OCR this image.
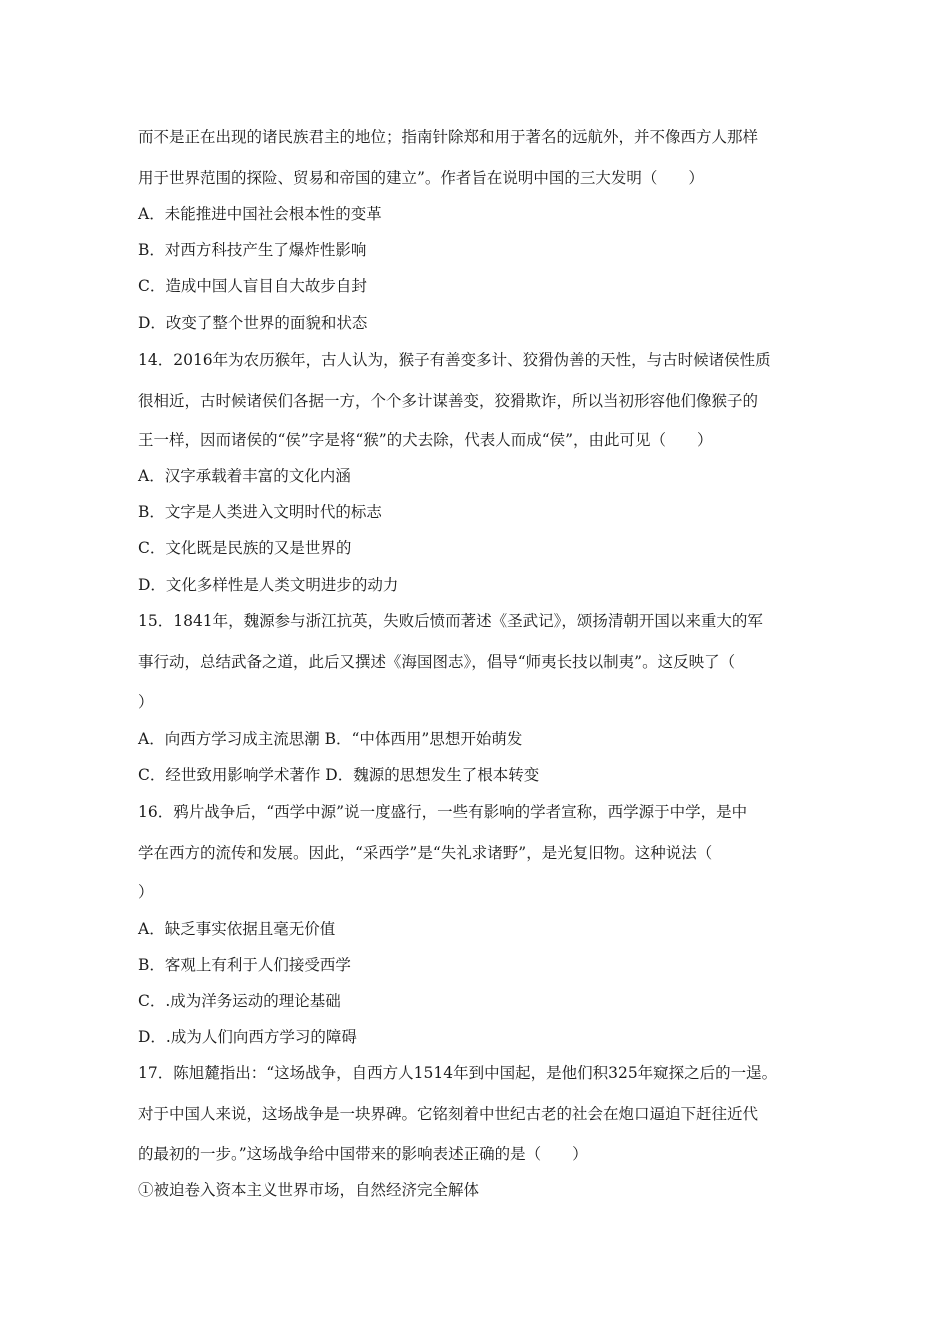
而不是正在出现的诸民族君主的地位；指南针除郑和用于著名的远航外，并不像西方人那样
用于世界范围的探险、贸易和帝国的建立”。作者旨在说明中国的三大发明（　　）
A．未能推进中国社会根本性的变革
B．对西方科技产生了爆炸性影响
C．造成中国人盲目自大故步自封
D．改变了整个世界的面貌和状态
14．2016年为农历猴年，古人认为，猴子有善变多计、狡猾伪善的天性，与古时候诸侯性质
很相近，古时候诸侯们各据一方，个个多计谋善变，狡猾欺诈，所以当初形容他们像猴子的
王一样，因而诸侯的“侯”字是将“猴”的犬去除，代表人而成“侯”，由此可见（　　）
A．汉字承载着丰富的文化内涵
B．文字是人类进入文明时代的标志
C．文化既是民族的又是世界的
D．文化多样性是人类文明进步的动力
15．1841年，魏源参与浙江抗英，失败后愤而著述《圣武记》，颂扬清朝开国以来重大的军
事行动，总结武备之道，此后又撰述《海国图志》，倡导“师夷长技以制夷”。这反映了（
）
A．向西方学习成主流思潮 B．“中体西用”思想开始萌发
C．经世致用影响学术著作 D．魏源的思想发生了根本转变
16．鸦片战争后，“西学中源”说一度盛行，一些有影响的学者宣称，西学源于中学，是中
学在西方的流传和发展。因此，“采西学”是“失礼求诸野”，是光复旧物。这种说法（
）
A．缺乏事实依据且毫无价值
B．客观上有利于人们接受西学
C．.成为洋务运动的理论基础
D．.成为人们向西方学习的障碍
17．陈旭麓指出：“这场战争，自西方人1514年到中国起，是他们积325年窥探之后的一逞。
对于中国人来说，这场战争是一块界碑。它铭刻着中世纪古老的社会在炮口逼迫下赶往近代
的最初的一步。”这场战争给中国带来的影响表述正确的是（　　）
①被迫卷入资本主义世界市场，自然经济完全解体
